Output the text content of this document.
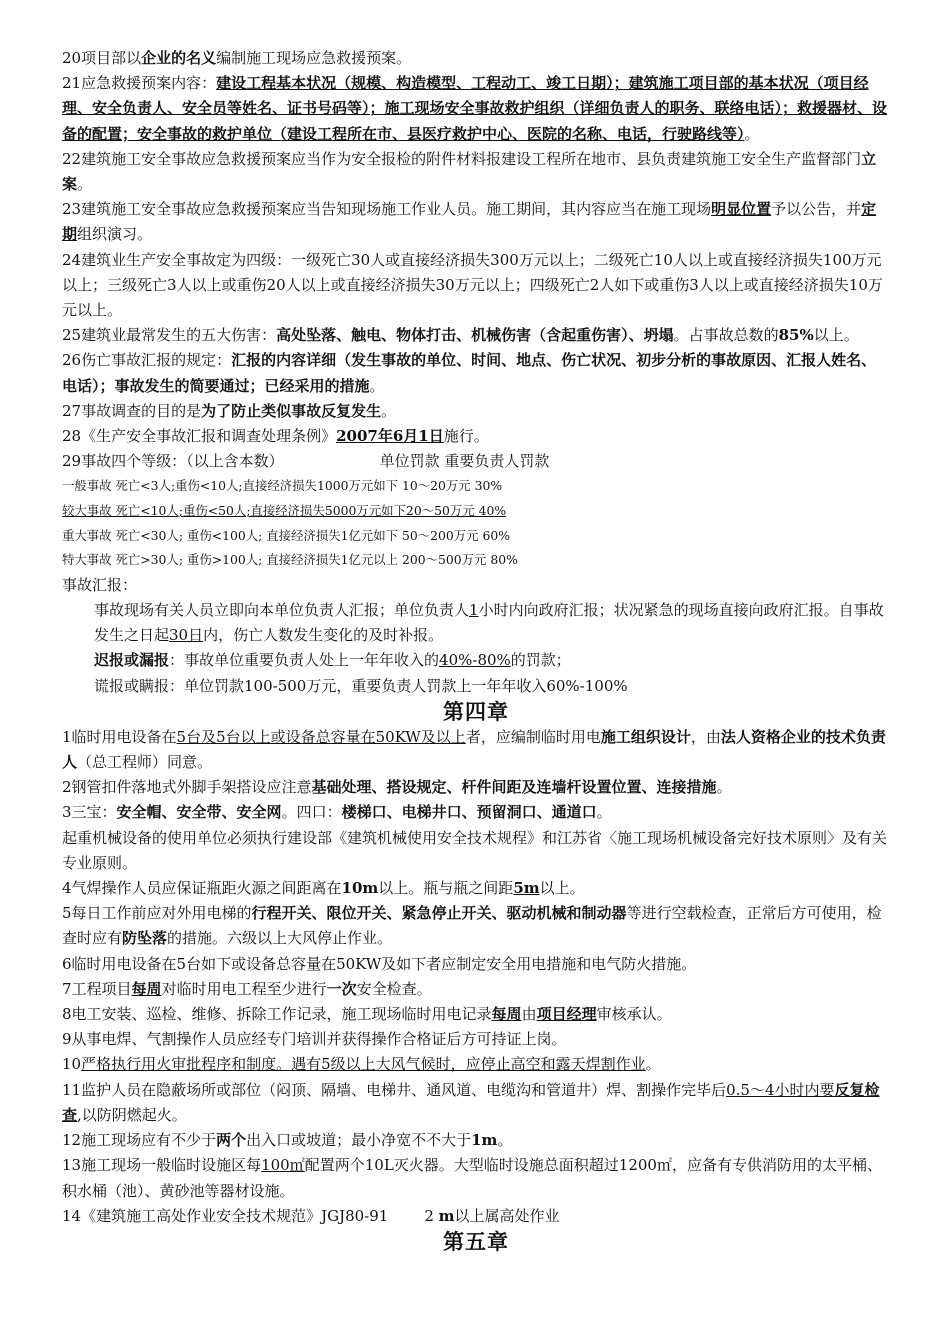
20项目部以企业的名义编制施工现场应急救援预案。

21应急救援预案内容：建设工程基本状况（规模、构造模型、工程动工、竣工日期）；建筑施工项目部的基本状况（项目经理、安全负责人、安全员等姓名、证书号码等）；施工现场安全事故救护组织（详细负责人的职务、联络电话）；救援器材、设备的配置；安全事故的救护单位（建设工程所在市、县医疗救护中心、医院的名称、电话，行驶路线等）。

22建筑施工安全事故应急救援预案应当作为安全报检的附件材料报建设工程所在地市、县负责建筑施工安全生产监督部门立案。

23建筑施工安全事故应急救援预案应当告知现场施工作业人员。施工期间，其内容应当在施工现场明显位置予以公告，并定期组织演习。

24建筑业生产安全事故定为四级：一级死亡30人或直接经济损失300万元以上；二级死亡10人以上或直接经济损失100万元以上；三级死亡3人以上或重伤20人以上或直接经济损失30万元以上；四级死亡2人如下或重伤3人以上或直接经济损失10万元以上。

25建筑业最常发生的五大伤害：高处坠落、触电、物体打击、机械伤害（含起重伤害）、坍塌。占事故总数的85%以上。

26伤亡事故汇报的规定：汇报的内容详细（发生事故的单位、时间、地点、伤亡状况、初步分析的事故原因、汇报人姓名、电话）；事故发生的简要通过；已经采用的措施。

27事故调查的目的是为了防止类似事故反复发生。

28《生产安全事故汇报和调查处理条例》2007年6月1日施行。

29事故四个等级：（以上含本数）	单位罚款 重要负责人罚款

一般事故 死亡<3人;重伤<10人;直接经济损失1000万元如下 10～20万元 30%

较大事故 死亡<10人;重伤<50人;直接经济损失5000万元如下20～50万元 40%

重大事故 死亡<30人; 重伤<100人; 直接经济损失1亿元如下 50～200万元 60%

特大事故 死亡>30人; 重伤>100人; 直接经济损失1亿元以上 200～500万元 80%

事故汇报：

事故现场有关人员立即向本单位负责人汇报；单位负责人1小时内向政府汇报；状况紧急的现场直接向政府汇报。自事故发生之日起30日内，伤亡人数发生变化的及时补报。

迟报或漏报：事故单位重要负责人处上一年年收入的40%-80%的罚款；

谎报或瞒报：单位罚款100-500万元，重要负责人罚款上一年年收入60%-100%

第四章

1临时用电设备在5台及5台以上或设备总容量在50KW及以上者，应编制临时用电施工组织设计，由法人资格企业的技术负责人（总工程师）同意。

2钢管扣件落地式外脚手架搭设应注意基础处理、搭设规定、杆件间距及连墙杆设置位置、连接措施。

3三宝：安全帽、安全带、安全网。四口：楼梯口、电梯井口、预留洞口、通道口。

起重机械设备的使用单位必须执行建设部《建筑机械使用安全技术规程》和江苏省〈施工现场机械设备完好技术原则〉及有关专业原则。

4气焊操作人员应保证瓶距火源之间距离在10m以上。瓶与瓶之间距5m以上。

5每日工作前应对外用电梯的行程开关、限位开关、紧急停止开关、驱动机械和制动器等进行空载检查，正常后方可使用，检查时应有防坠落的措施。六级以上大风停止作业。

6临时用电设备在5台如下或设备总容量在50KW及如下者应制定安全用电措施和电气防火措施。

7工程项目每周对临时用电工程至少进行一次安全检查。

8电工安装、巡检、维修、拆除工作记录，施工现场临时用电记录每周由项目经理审核承认。

9从事电焊、气割操作人员应经专门培训并获得操作合格证后方可持证上岗。

10严格执行用火审批程序和制度。遇有5级以上大风气候时，应停止高空和露天焊割作业。

11监护人员在隐蔽场所或部位（闷顶、隔墙、电梯井、通风道、电缆沟和管道井）焊、割操作完毕后0.5～4小时内要反复检查,以防阴燃起火。

12施工现场应有不少于两个出入口或坡道；最小净宽不不大于1m。

13施工现场一般临时设施区每100㎡配置两个10L灭火器。大型临时设施总面积超过1200㎡，应备有专供消防用的太平桶、积水桶（池）、黄砂池等器材设施。

14《建筑施工高处作业安全技术规范》JGJ80-91 2 m以上属高处作业

第五章
